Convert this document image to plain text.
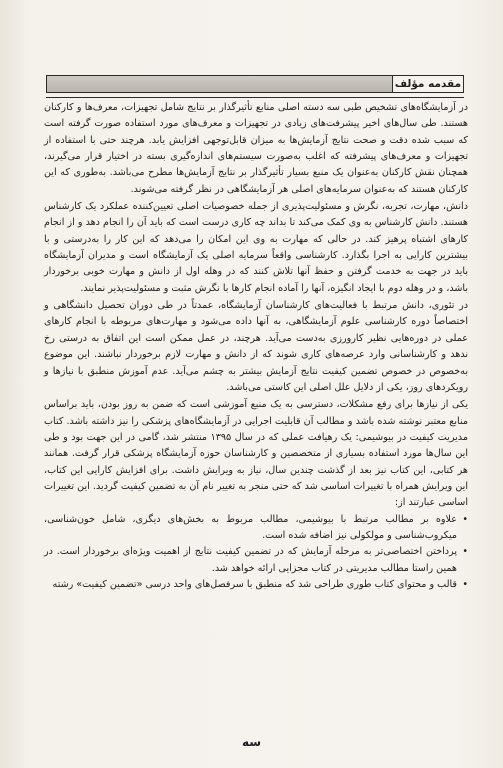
مقدمه مؤلف

در آزمایشگاه‌های تشخیص طبی سه دسته اصلی منابع تأثیرگذار بر نتایج شامل تجهیزات، معرف‌ها و کارکنان هستند. طی سال‌های اخیر پیشرفت‌های زیادی در تجهیزات و معرف‌های مورد استفاده صورت گرفته است که سبب شده دقت و صحت نتایج آزمایش‌ها به میزان قابل‌توجهی افزایش یابد. هرچند حتی با استفاده از تجهیزات و معرف‌های پیشرفته که اغلب به‌صورت سیستم‌های اندازه‌گیری بسته در اختیار قرار می‌گیرند، همچنان نقش کارکنان به‌عنوان یک منبع بسیار تأثیرگذار بر نتایج آزمایش‌ها مطرح می‌باشد. به‌طوری که این کارکنان هستند که به‌عنوان سرمایه‌های اصلی هر آزمایشگاهی در نظر گرفته می‌شوند.

دانش، مهارت، تجربه، نگرش و مسئولیت‌پذیری از جمله خصوصیات اصلی تعیین‌کننده عملکرد یک کارشناس هستند. دانش کارشناس به وی کمک می‌کند تا بداند چه کاری درست است که باید آن را انجام دهد و از انجام کارهای اشتباه پرهیز کند. در حالی که مهارت به وی این امکان را می‌دهد که این کار را به‌درستی و با بیشترین کارایی به اجرا بگذارد. کارشناسی واقعاً سرمایه اصلی یک آزمایشگاه است و مدیران آزمایشگاه باید در جهت به خدمت گرفتن و حفظ آنها تلاش کنند که در وهله اول از دانش و مهارت خوبی برخوردار باشد، و در وهله دوم با ایجاد انگیزه، آنها را آماده انجام کارها با نگرش مثبت و مسئولیت‌پذیر نمایند.

در تئوری، دانش مرتبط با فعالیت‌های کارشناسان آزمایشگاه، عمدتاً در طی دوران تحصیل دانشگاهی و اختصاصاً دوره کارشناسی علوم آزمایشگاهی، به آنها داده می‌شود و مهارت‌های مربوطه با انجام کارهای عملی در دوره‌هایی نظیر کارورزی به‌دست می‌آید. هرچند، در عمل ممکن است این اتفاق به درستی رخ ندهد و کارشناسانی وارد عرصه‌های کاری شوند که از دانش و مهارت لازم برخوردار نباشند. این موضوع به‌خصوص در خصوص تضمین کیفیت نتایج آزمایش بیشتر به چشم می‌آید. عدم آموزش منطبق با نیازها و رویکردهای روز، یکی از دلایل علل اصلی این کاستی می‌باشد.

یکی از نیازها برای رفع مشکلات، دسترسی به یک منبع آموزشی است که ضمن به روز بودن، باید براساس منابع معتبر نوشته شده باشد و مطالب آن قابلیت اجرایی در آزمایشگاه‌های پزشکی را نیز داشته باشد. کتاب مدیریت کیفیت در بیوشیمی: یک رهیافت عملی که در سال ۱۳۹۵ منتشر شد، گامی در این جهت بود و طی این سال‌ها مورد استفاده بسیاری از متخصصین و کارشناسان حوزه آزمایشگاه پزشکی قرار گرفت. همانند هر کتابی، این کتاب نیز بعد از گذشت چندین سال، نیاز به ویرایش داشت. برای افزایش کارایی این کتاب، این ویرایش همراه با تغییرات اساسی شد که حتی منجر به تغییر نام آن به تضمین کیفیت گردید. این تغییرات اساسی عبارتند از:

• علاوه بر مطالب مرتبط با بیوشیمی، مطالب مربوط به بخش‌های دیگری، شامل خون‌شناسی، میکروب‌شناسی و مولکولی نیز اضافه شده است.
• پرداختن اختصاصی‌تر به مرحله آزمایش که در تضمین کیفیت نتایج از اهمیت ویژه‌ای برخوردار است. در همین راستا مطالب مدیریتی در کتاب مجزایی ارائه خواهد شد.
• قالب و محتوای کتاب طوری طراحی شد که منطبق با سرفصل‌های واحد درسی «تضمین کیفیت» رشته
سه
